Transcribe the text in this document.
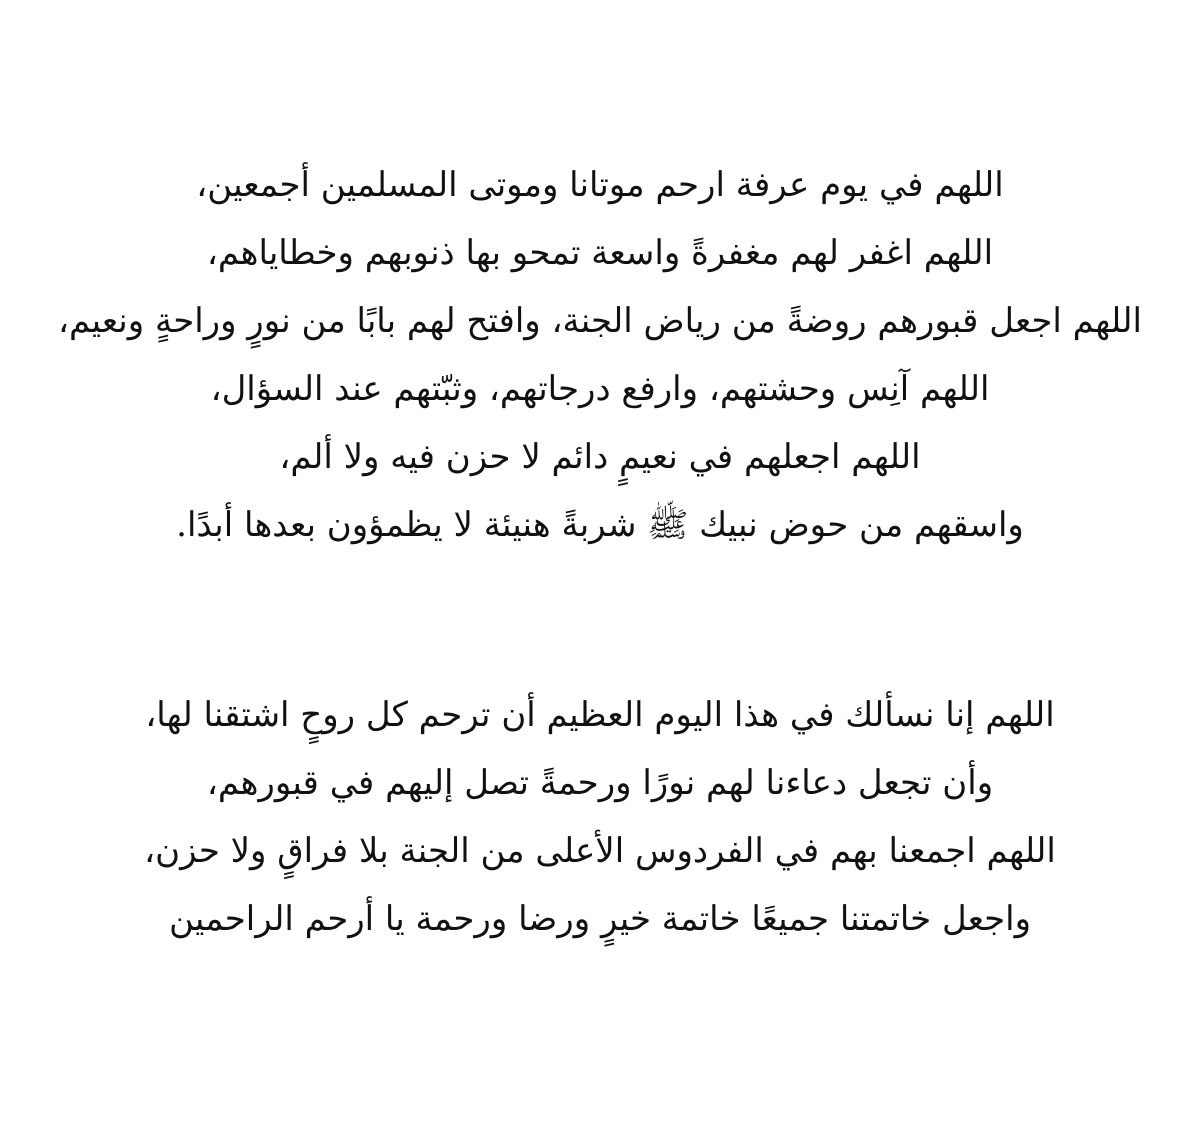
اللهم في يوم عرفة ارحم موتانا وموتى المسلمين أجمعين،
اللهم اغفر لهم مغفرةً واسعة تمحو بها ذنوبهم وخطاياهم،
اللهم اجعل قبورهم روضةً من رياض الجنة، وافتح لهم بابًا من نورٍ وراحةٍ ونعيم،
اللهم آنِس وحشتهم، وارفع درجاتهم، وثبّتهم عند السؤال،
اللهم اجعلهم في نعيمٍ دائم لا حزن فيه ولا ألم،
واسقهم من حوض نبيك ﷺ شربةً هنيئة لا يظمؤون بعدها أبدًا.
اللهم إنا نسألك في هذا اليوم العظيم أن ترحم كل روحٍ اشتقنا لها،
وأن تجعل دعاءنا لهم نورًا ورحمةً تصل إليهم في قبورهم،
اللهم اجمعنا بهم في الفردوس الأعلى من الجنة بلا فراقٍ ولا حزن،
واجعل خاتمتنا جميعًا خاتمة خيرٍ ورضا ورحمة يا أرحم الراحمين
